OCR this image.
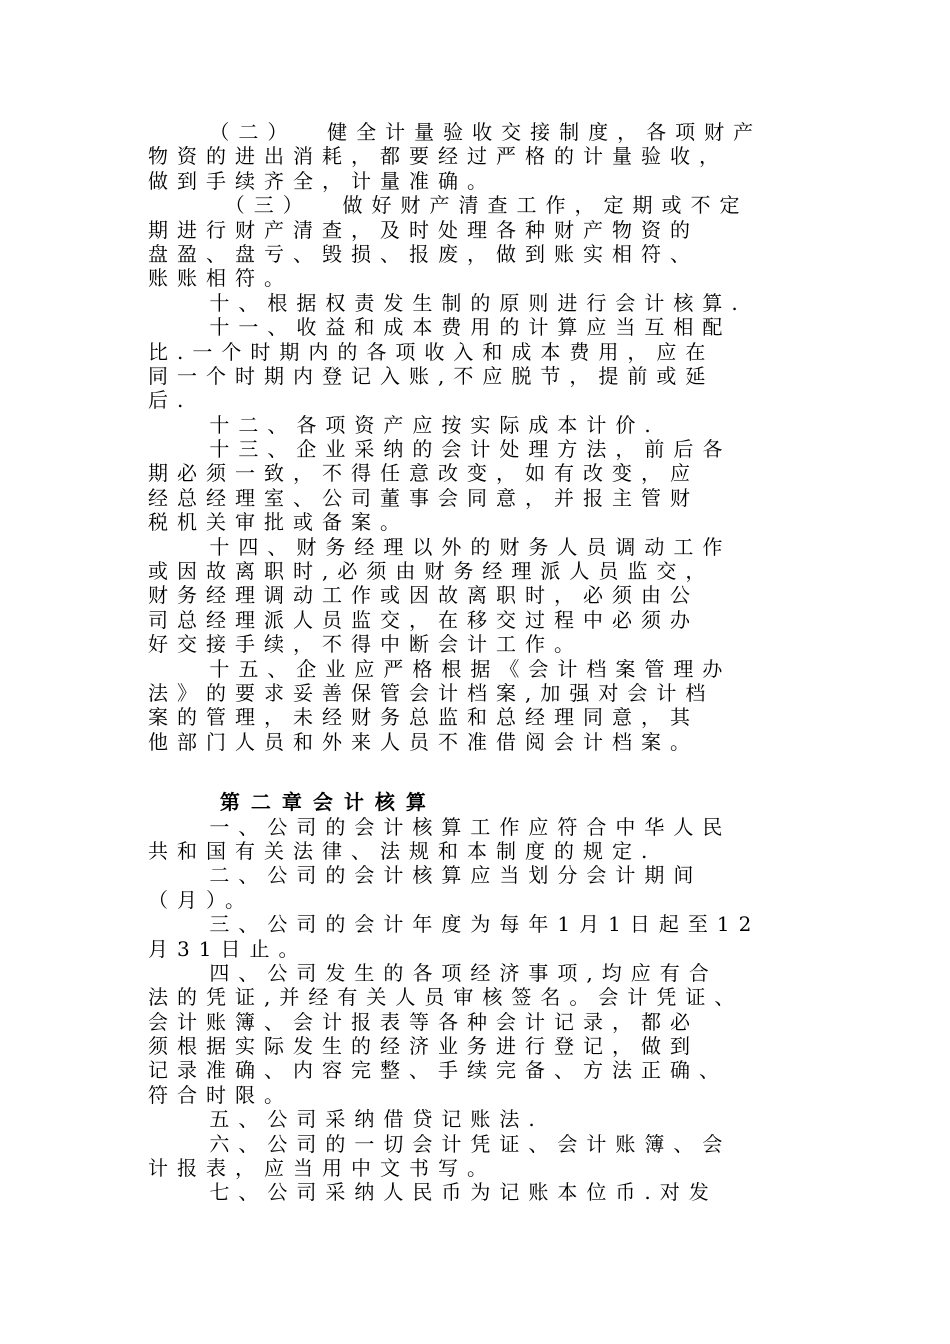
（二）  健全计量验收交接制度，各项财产
物资的进出消耗，都要经过严格的计量验收，
做到手续齐全，计量准确。
（三）  做好财产清查工作，定期或不定
期进行财产清查，及时处理各种财产物资的
盘盈、盘亏、毁损、报废，做到账实相符、
账账相符。
十、根据权责发生制的原则进行会计核算.
十一、收益和成本费用的计算应当互相配
比.一个时期内的各项收入和成本费用，应在
同一个时期内登记入账,不应脱节，提前或延
后.
十二、各项资产应按实际成本计价.
十三、企业采纳的会计处理方法，前后各
期必须一致，不得任意改变，如有改变，应
经总经理室、公司董事会同意，并报主管财
税机关审批或备案。
十四、财务经理以外的财务人员调动工作
或因故离职时,必须由财务经理派人员监交，
财务经理调动工作或因故离职时，必须由公
司总经理派人员监交，在移交过程中必须办
好交接手续，不得中断会计工作。
十五、企业应严格根据《会计档案管理办
法》的要求妥善保管会计档案,加强对会计档
案的管理，未经财务总监和总经理同意，其
他部门人员和外来人员不准借阅会计档案。
第二章会计核算
一、公司的会计核算工作应符合中华人民
共和国有关法律、法规和本制度的规定.
二、公司的会计核算应当划分会计期间
（月）。
三、公司的会计年度为每年1月1日起至12
月31日止。
四、公司发生的各项经济事项,均应有合
法的凭证,并经有关人员审核签名。会计凭证、
会计账簿、会计报表等各种会计记录，都必
须根据实际发生的经济业务进行登记，做到
记录准确、内容完整、手续完备、方法正确、
符合时限。
五、公司采纳借贷记账法.
六、公司的一切会计凭证、会计账簿、会
计报表，应当用中文书写。
七、公司采纳人民币为记账本位币.对发
